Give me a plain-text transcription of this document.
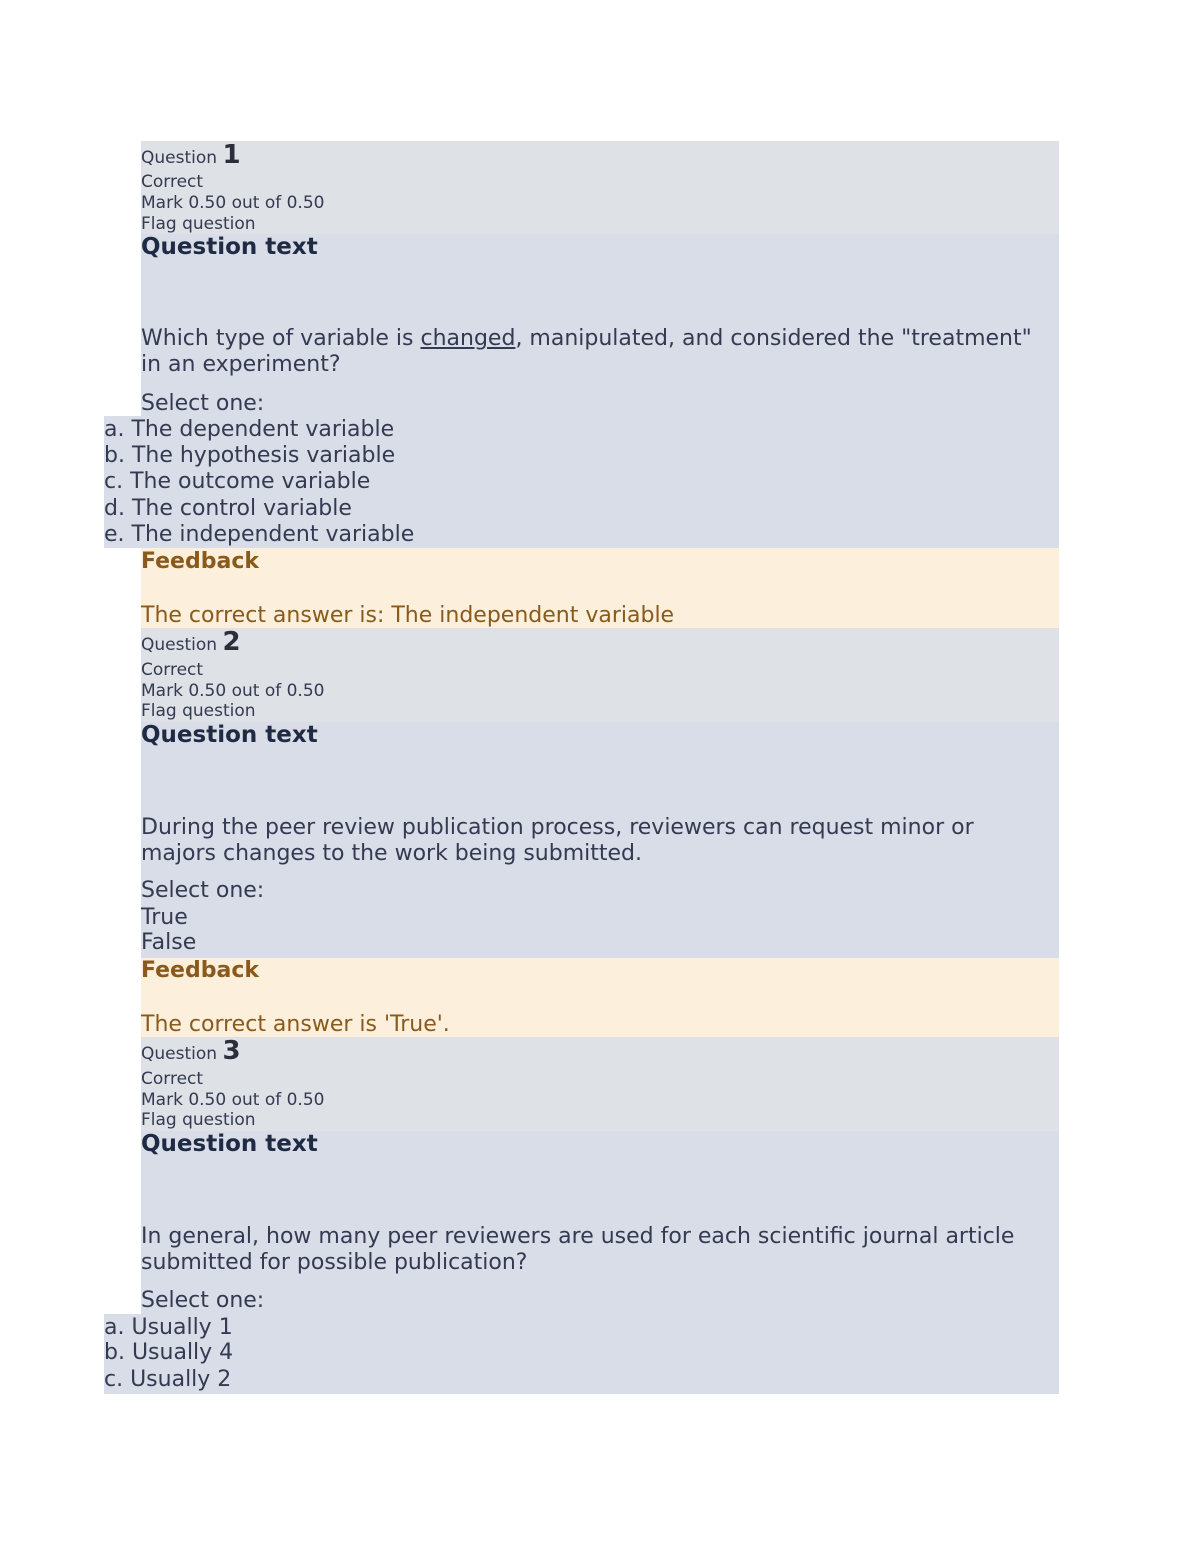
Question 1
Correct
Mark 0.50 out of 0.50
Flag question
Question text
Which type of variable is changed, manipulated, and considered the "treatment" in an experiment?
Select one:
a. The dependent variable
b. The hypothesis variable
c. The outcome variable
d. The control variable
e. The independent variable
Feedback
The correct answer is: The independent variable
Question 2
Correct
Mark 0.50 out of 0.50
Flag question
Question text
During the peer review publication process, reviewers can request minor or majors changes to the work being submitted.
Select one:
True
False
Feedback
The correct answer is 'True'.
Question 3
Correct
Mark 0.50 out of 0.50
Flag question
Question text
In general, how many peer reviewers are used for each scientific journal article submitted for possible publication?
Select one:
a. Usually 1
b. Usually 4
c. Usually 2
